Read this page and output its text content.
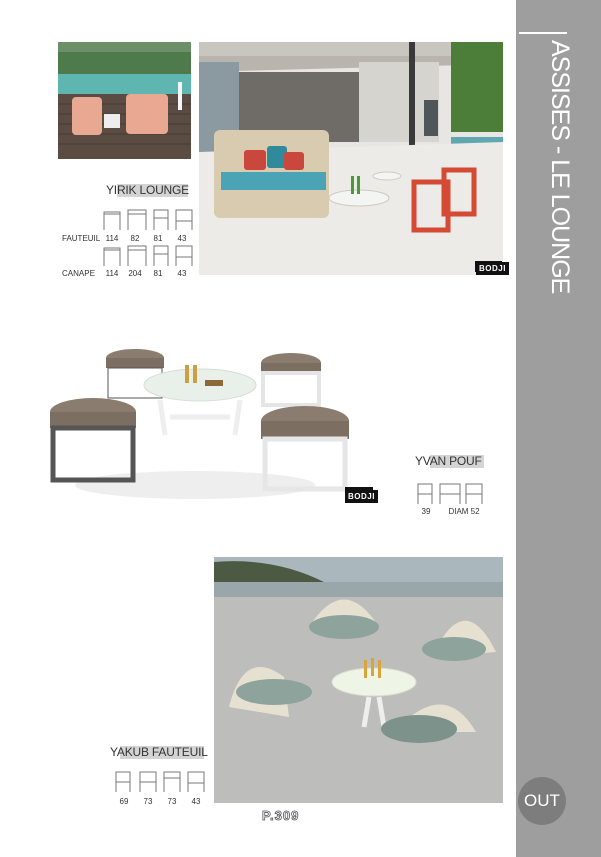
ASSISES - LE LOUNGE
OUT
BODJI
YIRIK LOUNGE
FAUTEUIL 114	82	81	43
CANAPE	114	204	81	43
BODJI
YVAN POUF
39	DIAM 52
YAKUB FAUTEUIL
69	73	73	43
P.309
